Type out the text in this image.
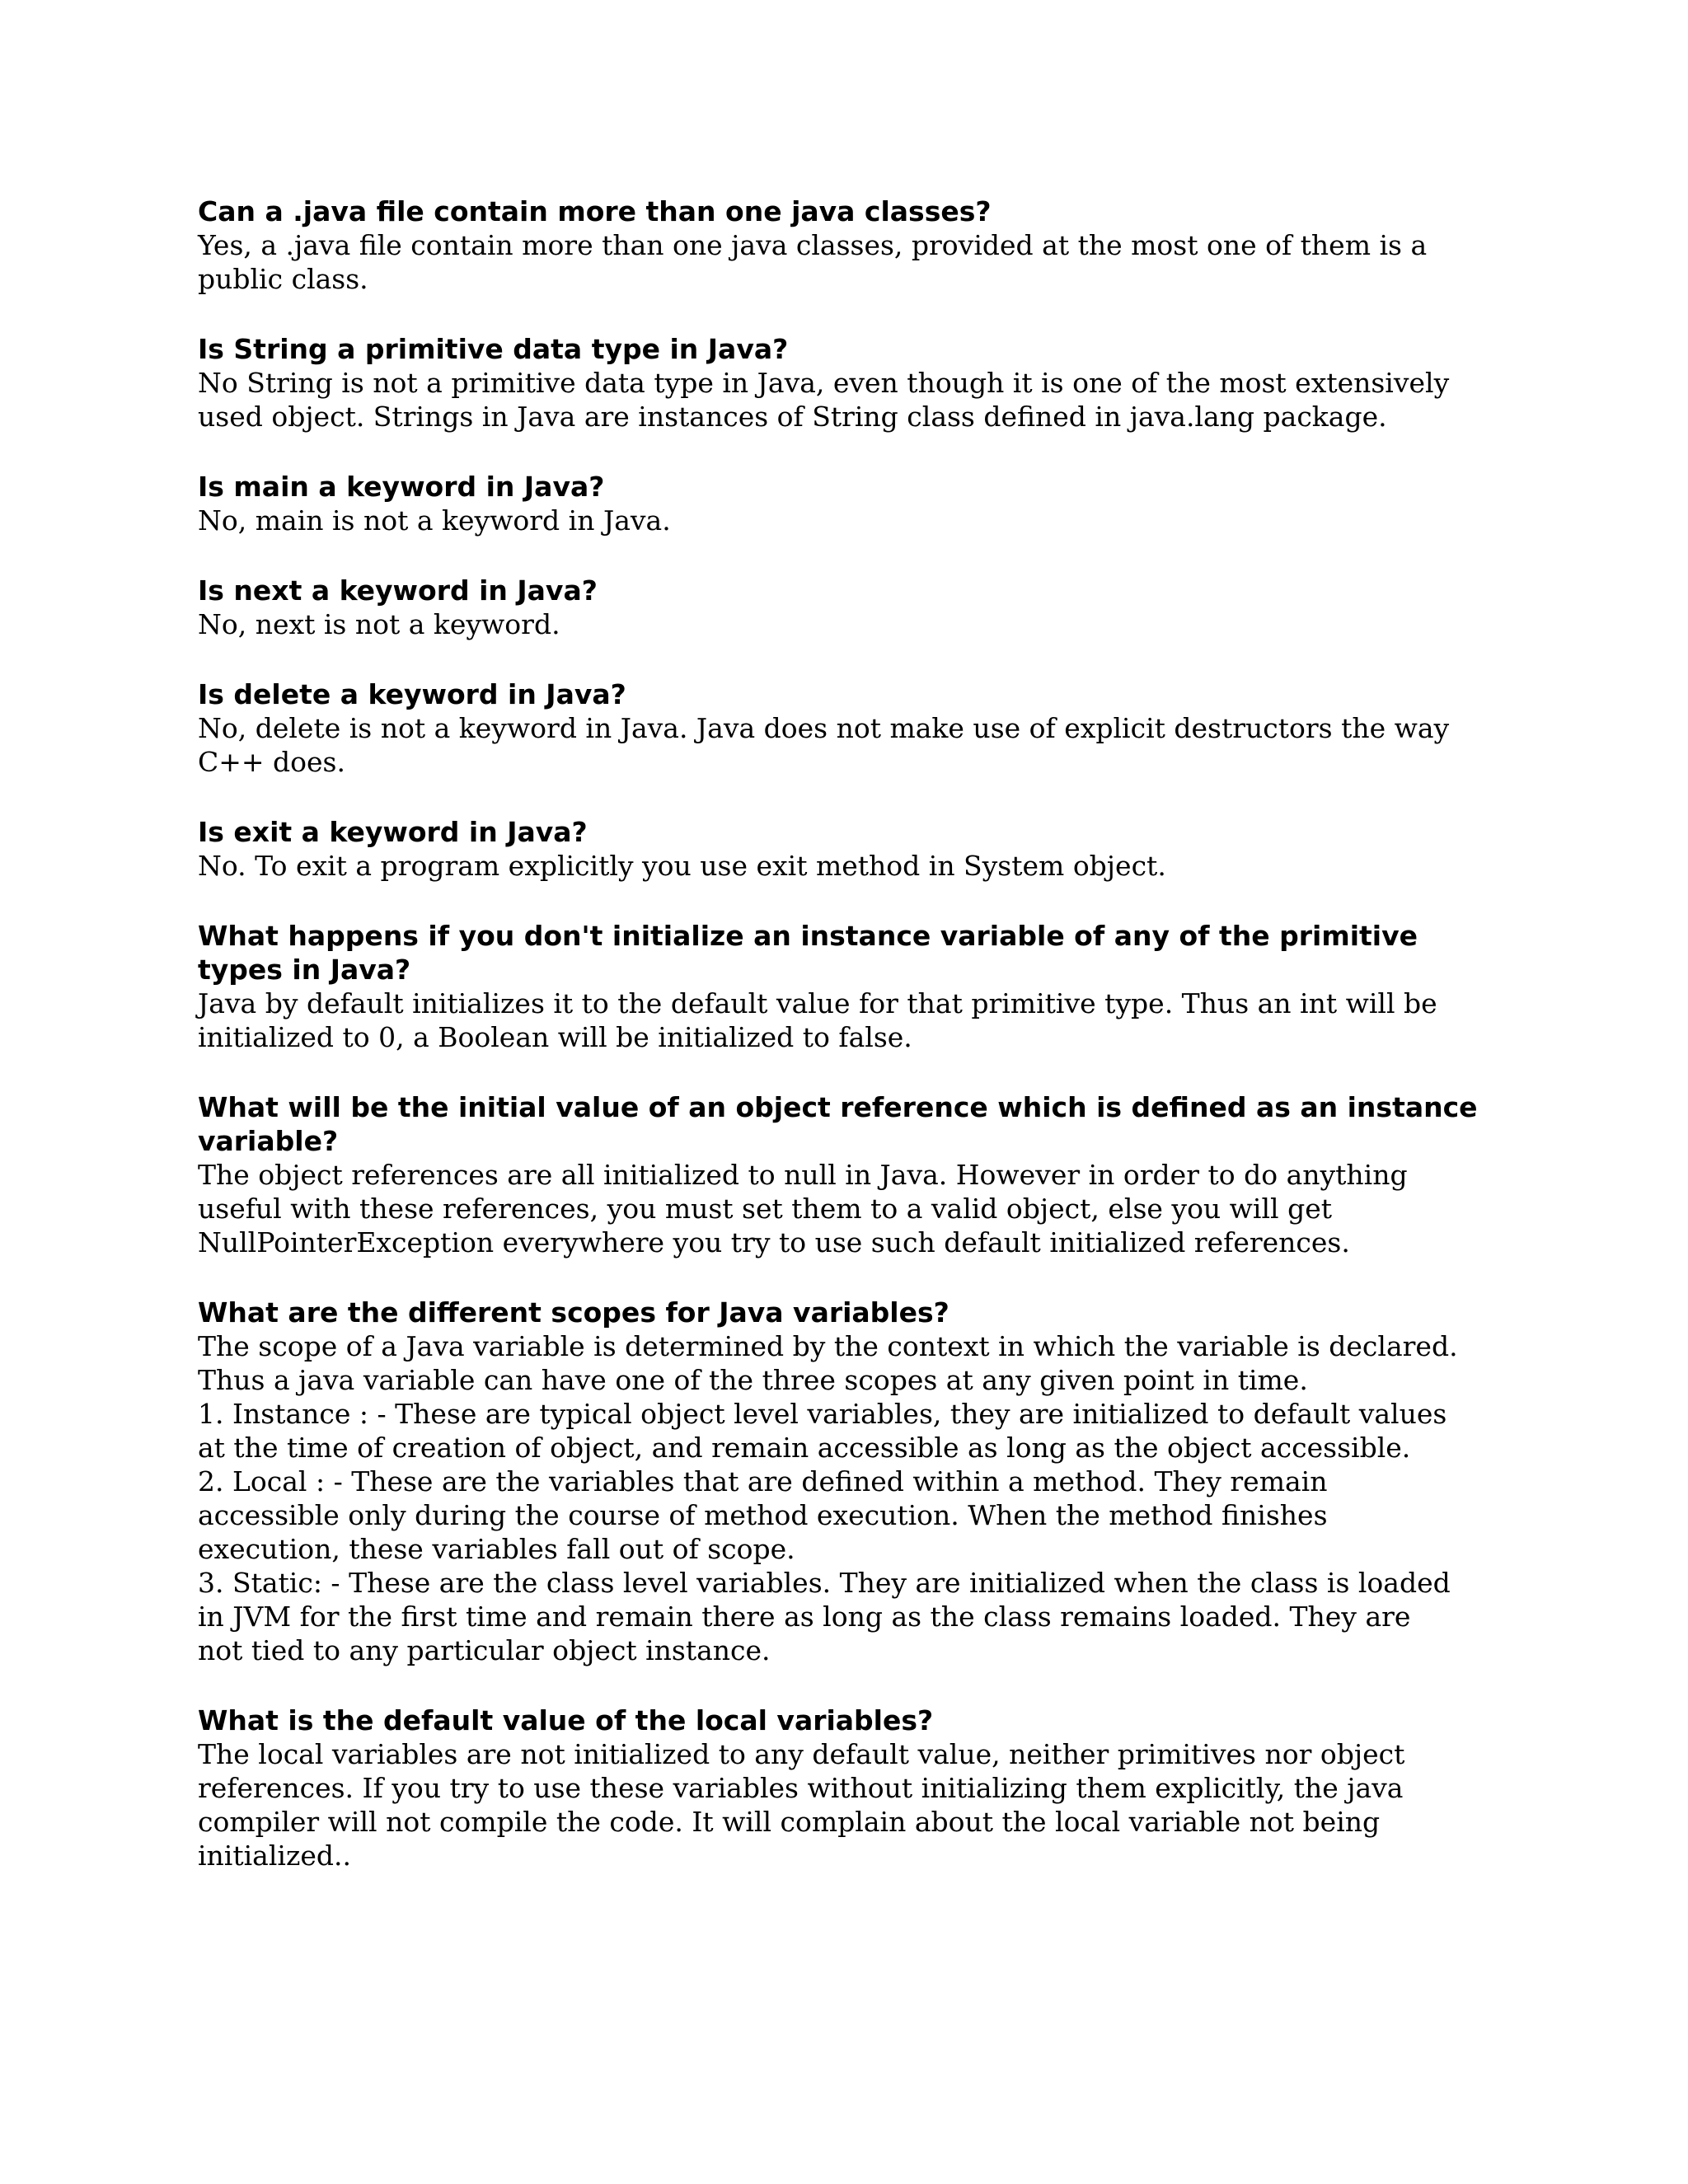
Can a .java file contain more than one java classes?
Yes, a .java file contain more than one java classes, provided at the most one of them is a
public class.
Is String a primitive data type in Java?
No String is not a primitive data type in Java, even though it is one of the most extensively
used object. Strings in Java are instances of String class defined in java.lang package.
Is main a keyword in Java?
No, main is not a keyword in Java.
Is next a keyword in Java?
No, next is not a keyword.
Is delete a keyword in Java?
No, delete is not a keyword in Java. Java does not make use of explicit destructors the way
C++ does.
Is exit a keyword in Java?
No. To exit a program explicitly you use exit method in System object.
What happens if you don't initialize an instance variable of any of the primitive
types in Java?
Java by default initializes it to the default value for that primitive type. Thus an int will be
initialized to 0, a Boolean will be initialized to false.
What will be the initial value of an object reference which is defined as an instance
variable?
The object references are all initialized to null in Java. However in order to do anything
useful with these references, you must set them to a valid object, else you will get
NullPointerException everywhere you try to use such default initialized references.
What are the different scopes for Java variables?
The scope of a Java variable is determined by the context in which the variable is declared.
Thus a java variable can have one of the three scopes at any given point in time.
1. Instance : - These are typical object level variables, they are initialized to default values
at the time of creation of object, and remain accessible as long as the object accessible.
2. Local : - These are the variables that are defined within a method. They remain
accessible only during the course of method execution. When the method finishes
execution, these variables fall out of scope.
3. Static: - These are the class level variables. They are initialized when the class is loaded
in JVM for the first time and remain there as long as the class remains loaded. They are
not tied to any particular object instance.
What is the default value of the local variables?
The local variables are not initialized to any default value, neither primitives nor object
references. If you try to use these variables without initializing them explicitly, the java
compiler will not compile the code. It will complain about the local variable not being
initialized..
